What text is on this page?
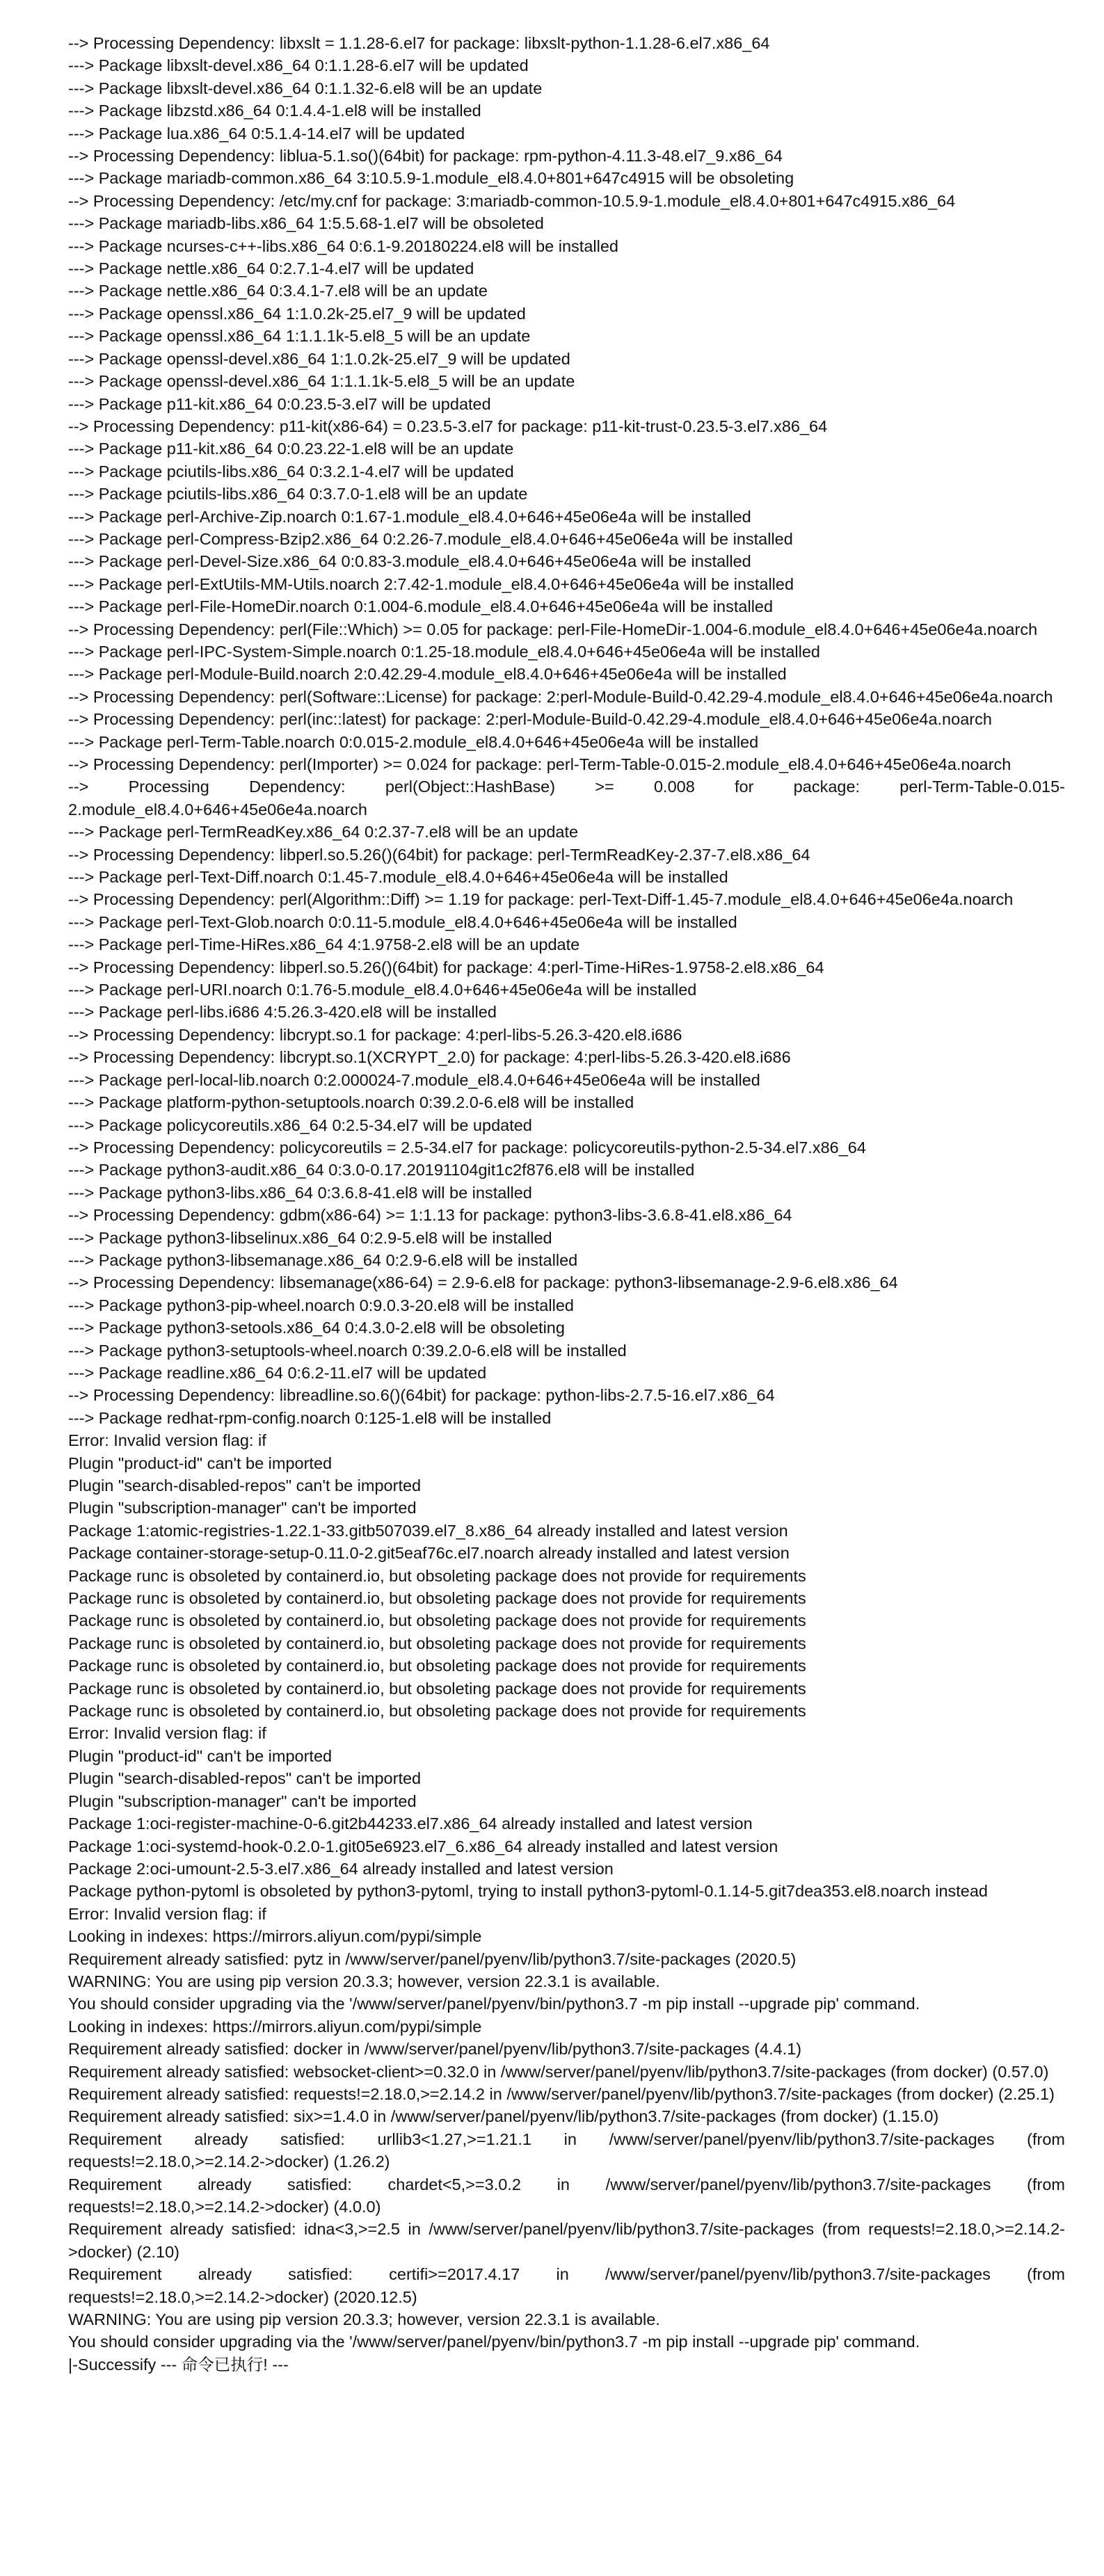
--> Processing Dependency: libxslt = 1.1.28-6.el7 for package: libxslt-python-1.1.28-6.el7.x86_64
---> Package libxslt-devel.x86_64 0:1.1.28-6.el7 will be updated
---> Package libxslt-devel.x86_64 0:1.1.32-6.el8 will be an update
---> Package libzstd.x86_64 0:1.4.4-1.el8 will be installed
---> Package lua.x86_64 0:5.1.4-14.el7 will be updated
--> Processing Dependency: liblua-5.1.so()(64bit) for package: rpm-python-4.11.3-48.el7_9.x86_64
---> Package mariadb-common.x86_64 3:10.5.9-1.module_el8.4.0+801+647c4915 will be obsoleting
--> Processing Dependency: /etc/my.cnf for package: 3:mariadb-common-10.5.9-1.module_el8.4.0+801+647c4915.x86_64
---> Package mariadb-libs.x86_64 1:5.5.68-1.el7 will be obsoleted
---> Package ncurses-c++-libs.x86_64 0:6.1-9.20180224.el8 will be installed
---> Package nettle.x86_64 0:2.7.1-4.el7 will be updated
---> Package nettle.x86_64 0:3.4.1-7.el8 will be an update
---> Package openssl.x86_64 1:1.0.2k-25.el7_9 will be updated
---> Package openssl.x86_64 1:1.1.1k-5.el8_5 will be an update
---> Package openssl-devel.x86_64 1:1.0.2k-25.el7_9 will be updated
---> Package openssl-devel.x86_64 1:1.1.1k-5.el8_5 will be an update
---> Package p11-kit.x86_64 0:0.23.5-3.el7 will be updated
--> Processing Dependency: p11-kit(x86-64) = 0.23.5-3.el7 for package: p11-kit-trust-0.23.5-3.el7.x86_64
---> Package p11-kit.x86_64 0:0.23.22-1.el8 will be an update
---> Package pciutils-libs.x86_64 0:3.2.1-4.el7 will be updated
---> Package pciutils-libs.x86_64 0:3.7.0-1.el8 will be an update
---> Package perl-Archive-Zip.noarch 0:1.67-1.module_el8.4.0+646+45e06e4a will be installed
---> Package perl-Compress-Bzip2.x86_64 0:2.26-7.module_el8.4.0+646+45e06e4a will be installed
---> Package perl-Devel-Size.x86_64 0:0.83-3.module_el8.4.0+646+45e06e4a will be installed
---> Package perl-ExtUtils-MM-Utils.noarch 2:7.42-1.module_el8.4.0+646+45e06e4a will be installed
---> Package perl-File-HomeDir.noarch 0:1.004-6.module_el8.4.0+646+45e06e4a will be installed
--> Processing Dependency: perl(File::Which) >= 0.05 for package: perl-File-HomeDir-1.004-6.module_el8.4.0+646+45e06e4a.noarch
---> Package perl-IPC-System-Simple.noarch 0:1.25-18.module_el8.4.0+646+45e06e4a will be installed
---> Package perl-Module-Build.noarch 2:0.42.29-4.module_el8.4.0+646+45e06e4a will be installed
--> Processing Dependency: perl(Software::License) for package: 2:perl-Module-Build-0.42.29-4.module_el8.4.0+646+45e06e4a.noarch
--> Processing Dependency: perl(inc::latest) for package: 2:perl-Module-Build-0.42.29-4.module_el8.4.0+646+45e06e4a.noarch
---> Package perl-Term-Table.noarch 0:0.015-2.module_el8.4.0+646+45e06e4a will be installed
--> Processing Dependency: perl(Importer) >= 0.024 for package: perl-Term-Table-0.015-2.module_el8.4.0+646+45e06e4a.noarch
--> Processing Dependency: perl(Object::HashBase) >= 0.008 for package: perl-Term-Table-0.015-2.module_el8.4.0+646+45e06e4a.noarch
---> Package perl-TermReadKey.x86_64 0:2.37-7.el8 will be an update
--> Processing Dependency: libperl.so.5.26()(64bit) for package: perl-TermReadKey-2.37-7.el8.x86_64
---> Package perl-Text-Diff.noarch 0:1.45-7.module_el8.4.0+646+45e06e4a will be installed
--> Processing Dependency: perl(Algorithm::Diff) >= 1.19 for package: perl-Text-Diff-1.45-7.module_el8.4.0+646+45e06e4a.noarch
---> Package perl-Text-Glob.noarch 0:0.11-5.module_el8.4.0+646+45e06e4a will be installed
---> Package perl-Time-HiRes.x86_64 4:1.9758-2.el8 will be an update
--> Processing Dependency: libperl.so.5.26()(64bit) for package: 4:perl-Time-HiRes-1.9758-2.el8.x86_64
---> Package perl-URI.noarch 0:1.76-5.module_el8.4.0+646+45e06e4a will be installed
---> Package perl-libs.i686 4:5.26.3-420.el8 will be installed
--> Processing Dependency: libcrypt.so.1 for package: 4:perl-libs-5.26.3-420.el8.i686
--> Processing Dependency: libcrypt.so.1(XCRYPT_2.0) for package: 4:perl-libs-5.26.3-420.el8.i686
---> Package perl-local-lib.noarch 0:2.000024-7.module_el8.4.0+646+45e06e4a will be installed
---> Package platform-python-setuptools.noarch 0:39.2.0-6.el8 will be installed
---> Package policycoreutils.x86_64 0:2.5-34.el7 will be updated
--> Processing Dependency: policycoreutils = 2.5-34.el7 for package: policycoreutils-python-2.5-34.el7.x86_64
---> Package python3-audit.x86_64 0:3.0-0.17.20191104git1c2f876.el8 will be installed
---> Package python3-libs.x86_64 0:3.6.8-41.el8 will be installed
--> Processing Dependency: gdbm(x86-64) >= 1:1.13 for package: python3-libs-3.6.8-41.el8.x86_64
---> Package python3-libselinux.x86_64 0:2.9-5.el8 will be installed
---> Package python3-libsemanage.x86_64 0:2.9-6.el8 will be installed
--> Processing Dependency: libsemanage(x86-64) = 2.9-6.el8 for package: python3-libsemanage-2.9-6.el8.x86_64
---> Package python3-pip-wheel.noarch 0:9.0.3-20.el8 will be installed
---> Package python3-setools.x86_64 0:4.3.0-2.el8 will be obsoleting
---> Package python3-setuptools-wheel.noarch 0:39.2.0-6.el8 will be installed
---> Package readline.x86_64 0:6.2-11.el7 will be updated
--> Processing Dependency: libreadline.so.6()(64bit) for package: python-libs-2.7.5-16.el7.x86_64
---> Package redhat-rpm-config.noarch 0:125-1.el8 will be installed
Error: Invalid version flag: if
Plugin "product-id" can't be imported
Plugin "search-disabled-repos" can't be imported
Plugin "subscription-manager" can't be imported
Package 1:atomic-registries-1.22.1-33.gitb507039.el7_8.x86_64 already installed and latest version
Package container-storage-setup-0.11.0-2.git5eaf76c.el7.noarch already installed and latest version
Package runc is obsoleted by containerd.io, but obsoleting package does not provide for requirements
Package runc is obsoleted by containerd.io, but obsoleting package does not provide for requirements
Package runc is obsoleted by containerd.io, but obsoleting package does not provide for requirements
Package runc is obsoleted by containerd.io, but obsoleting package does not provide for requirements
Package runc is obsoleted by containerd.io, but obsoleting package does not provide for requirements
Package runc is obsoleted by containerd.io, but obsoleting package does not provide for requirements
Package runc is obsoleted by containerd.io, but obsoleting package does not provide for requirements
Error: Invalid version flag: if
Plugin "product-id" can't be imported
Plugin "search-disabled-repos" can't be imported
Plugin "subscription-manager" can't be imported
Package 1:oci-register-machine-0-6.git2b44233.el7.x86_64 already installed and latest version
Package 1:oci-systemd-hook-0.2.0-1.git05e6923.el7_6.x86_64 already installed and latest version
Package 2:oci-umount-2.5-3.el7.x86_64 already installed and latest version
Package python-pytoml is obsoleted by python3-pytoml, trying to install python3-pytoml-0.1.14-5.git7dea353.el8.noarch instead
Error: Invalid version flag: if
Looking in indexes: https://mirrors.aliyun.com/pypi/simple
Requirement already satisfied: pytz in /www/server/panel/pyenv/lib/python3.7/site-packages (2020.5)
WARNING: You are using pip version 20.3.3; however, version 22.3.1 is available.
You should consider upgrading via the '/www/server/panel/pyenv/bin/python3.7 -m pip install --upgrade pip' command.
Looking in indexes: https://mirrors.aliyun.com/pypi/simple
Requirement already satisfied: docker in /www/server/panel/pyenv/lib/python3.7/site-packages (4.4.1)
Requirement already satisfied: websocket-client>=0.32.0 in /www/server/panel/pyenv/lib/python3.7/site-packages (from docker) (0.57.0)
Requirement already satisfied: requests!=2.18.0,>=2.14.2 in /www/server/panel/pyenv/lib/python3.7/site-packages (from docker) (2.25.1)
Requirement already satisfied: six>=1.4.0 in /www/server/panel/pyenv/lib/python3.7/site-packages (from docker) (1.15.0)
Requirement already satisfied: urllib3<1.27,>=1.21.1 in /www/server/panel/pyenv/lib/python3.7/site-packages (from requests!=2.18.0,>=2.14.2->docker) (1.26.2)
Requirement already satisfied: chardet<5,>=3.0.2 in /www/server/panel/pyenv/lib/python3.7/site-packages (from requests!=2.18.0,>=2.14.2->docker) (4.0.0)
Requirement already satisfied: idna<3,>=2.5 in /www/server/panel/pyenv/lib/python3.7/site-packages (from requests!=2.18.0,>=2.14.2->docker) (2.10)
Requirement already satisfied: certifi>=2017.4.17 in /www/server/panel/pyenv/lib/python3.7/site-packages (from requests!=2.18.0,>=2.14.2->docker) (2020.12.5)
WARNING: You are using pip version 20.3.3; however, version 22.3.1 is available.
You should consider upgrading via the '/www/server/panel/pyenv/bin/python3.7 -m pip install --upgrade pip' command.
|-Successify --- 命令已执行! ---
